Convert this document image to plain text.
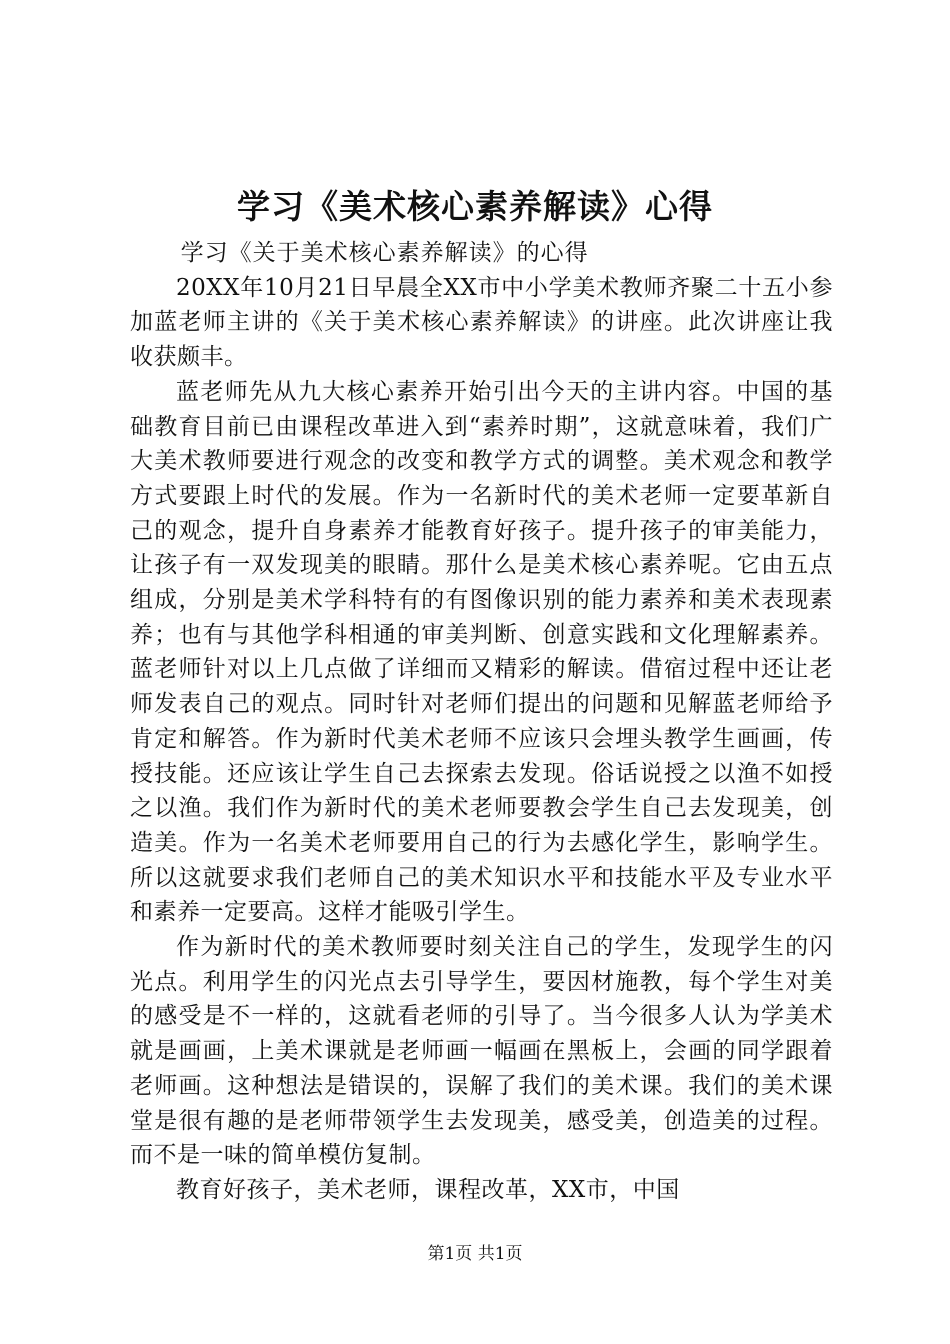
学习《美术核心素养解读》心得

学习《关于美术核心素养解读》的心得

20XX年10月21日早晨全XX市中小学美术教师齐聚二十五小参加蓝老师主讲的《关于美术核心素养解读》的讲座。此次讲座让我收获颇丰。

蓝老师先从九大核心素养开始引出今天的主讲内容。中国的基础教育目前已由课程改革进入到“素养时期”，这就意味着，我们广大美术教师要进行观念的改变和教学方式的调整。美术观念和教学方式要跟上时代的发展。作为一名新时代的美术老师一定要革新自己的观念，提升自身素养才能教育好孩子。提升孩子的审美能力，让孩子有一双发现美的眼睛。那什么是美术核心素养呢。它由五点组成，分别是美术学科特有的有图像识别的能力素养和美术表现素养；也有与其他学科相通的审美判断、创意实践和文化理解素养。蓝老师针对以上几点做了详细而又精彩的解读。借宿过程中还让老师发表自己的观点。同时针对老师们提出的问题和见解蓝老师给予肯定和解答。作为新时代美术老师不应该只会埋头教学生画画，传授技能。还应该让学生自己去探索去发现。俗话说授之以渔不如授之以渔。我们作为新时代的美术老师要教会学生自己去发现美，创造美。作为一名美术老师要用自己的行为去感化学生，影响学生。所以这就要求我们老师自己的美术知识水平和技能水平及专业水平和素养一定要高。这样才能吸引学生。

作为新时代的美术教师要时刻关注自己的学生，发现学生的闪光点。利用学生的闪光点去引导学生，要因材施教，每个学生对美的感受是不一样的，这就看老师的引导了。当今很多人认为学美术就是画画，上美术课就是老师画一幅画在黑板上，会画的同学跟着老师画。这种想法是错误的，误解了我们的美术课。我们的美术课堂是很有趣的是老师带领学生去发现美，感受美，创造美的过程。而不是一味的简单模仿复制。

教育好孩子，美术老师，课程改革，XX市，中国

第1页 共1页
